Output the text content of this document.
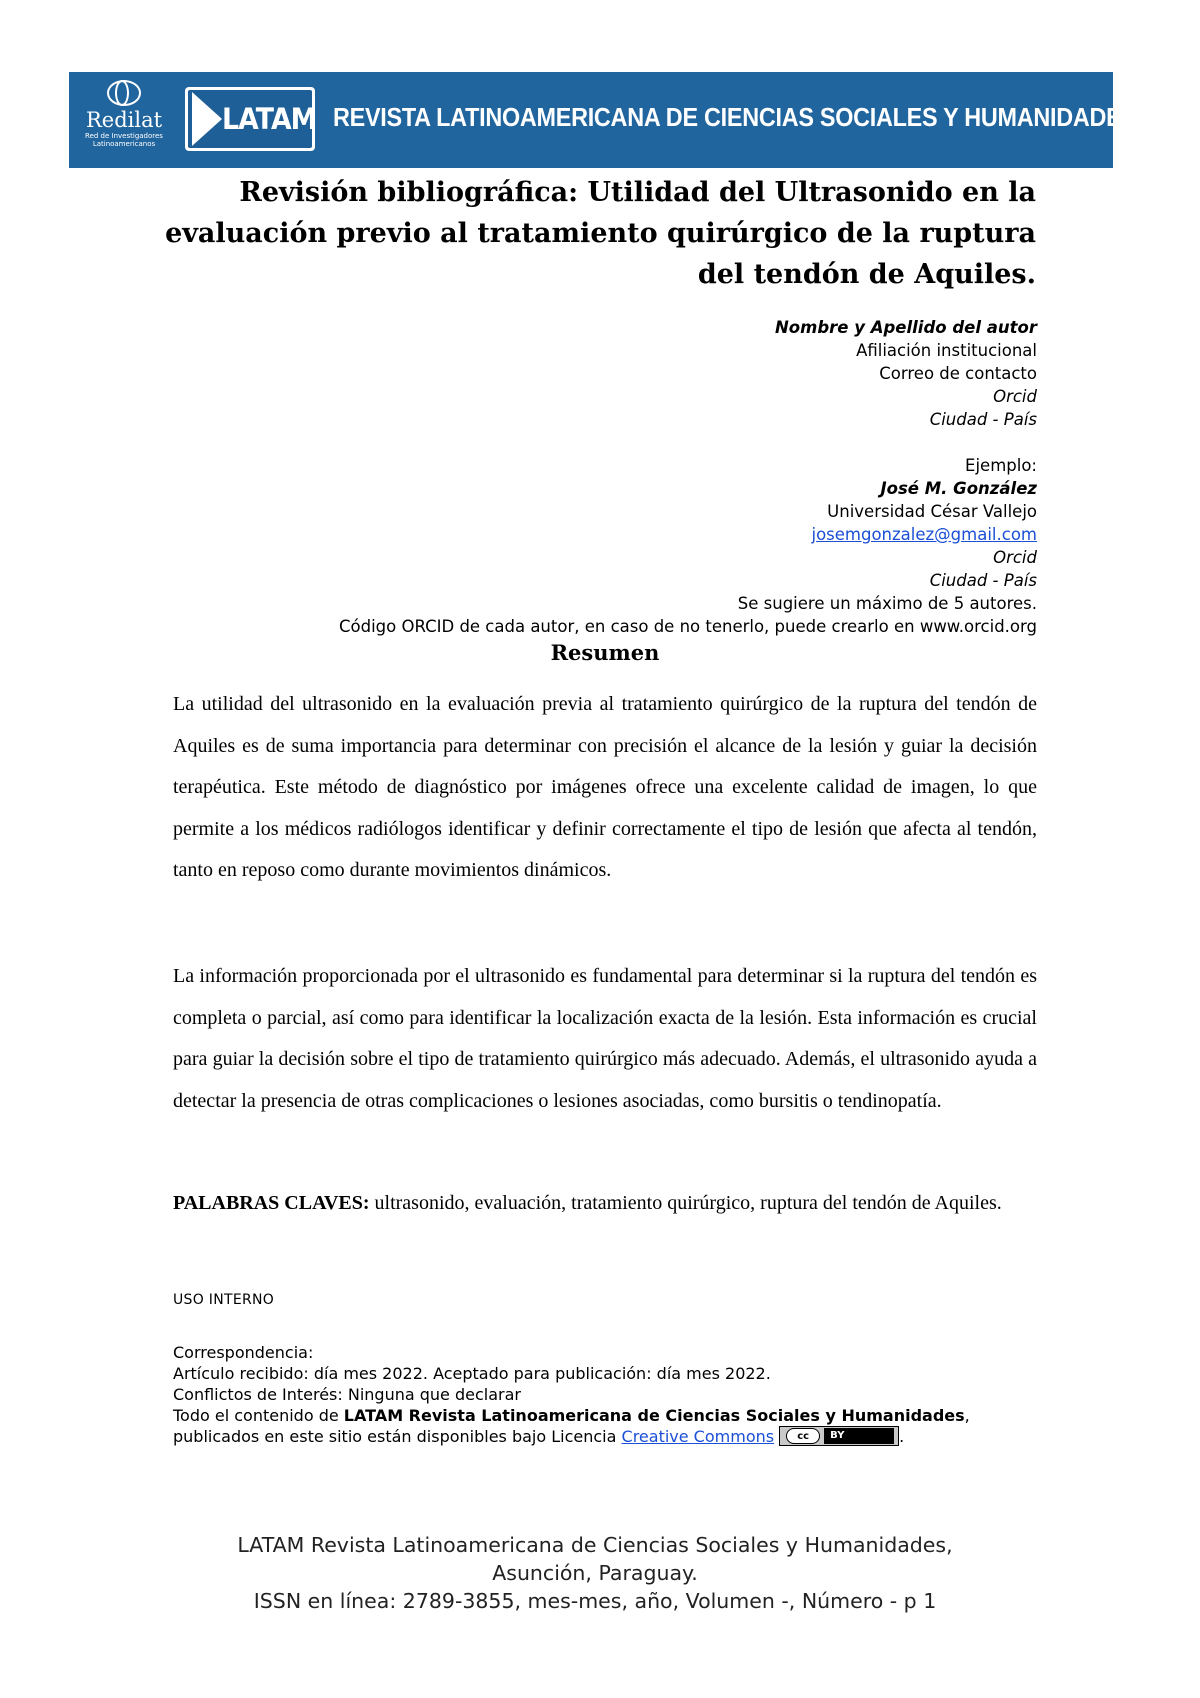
Redilat
Red de Investigadores Latinoamericanos
LATAM REVISTA LATINOAMERICANA DE CIENCIAS SOCIALES Y HUMANIDADES
Revisión bibliográfica: Utilidad del Ultrasonido en la evaluación previo al tratamiento quirúrgico de la ruptura del tendón de Aquiles.
Nombre y Apellido del autor
Afiliación institucional
Correo de contacto
Orcid
Ciudad - País
Ejemplo:
José M. González
Universidad César Vallejo
josemgonzalez@gmail.com
Orcid
Ciudad - País
Se sugiere un máximo de 5 autores.
Código ORCID de cada autor, en caso de no tenerlo, puede crearlo en www.orcid.org
Resumen
La utilidad del ultrasonido en la evaluación previa al tratamiento quirúrgico de la ruptura del tendón de Aquiles es de suma importancia para determinar con precisión el alcance de la lesión y guiar la decisión terapéutica. Este método de diagnóstico por imágenes ofrece una excelente calidad de imagen, lo que permite a los médicos radiólogos identificar y definir correctamente el tipo de lesión que afecta al tendón, tanto en reposo como durante movimientos dinámicos.
La información proporcionada por el ultrasonido es fundamental para determinar si la ruptura del tendón es completa o parcial, así como para identificar la localización exacta de la lesión. Esta información es crucial para guiar la decisión sobre el tipo de tratamiento quirúrgico más adecuado. Además, el ultrasonido ayuda a detectar la presencia de otras complicaciones o lesiones asociadas, como bursitis o tendinopatía.
PALABRAS CLAVES: ultrasonido, evaluación, tratamiento quirúrgico, ruptura del tendón de Aquiles.
USO INTERNO
Correspondencia:
Artículo recibido: día mes 2022. Aceptado para publicación: día mes 2022.
Conflictos de Interés: Ninguna que declarar
Todo el contenido de LATAM Revista Latinoamericana de Ciencias Sociales y Humanidades, publicados en este sitio están disponibles bajo Licencia Creative Commons	cc	BY	.
LATAM Revista Latinoamericana de Ciencias Sociales y Humanidades,
Asunción, Paraguay.
ISSN en línea: 2789-3855, mes-mes, año, Volumen -, Número - p 1
